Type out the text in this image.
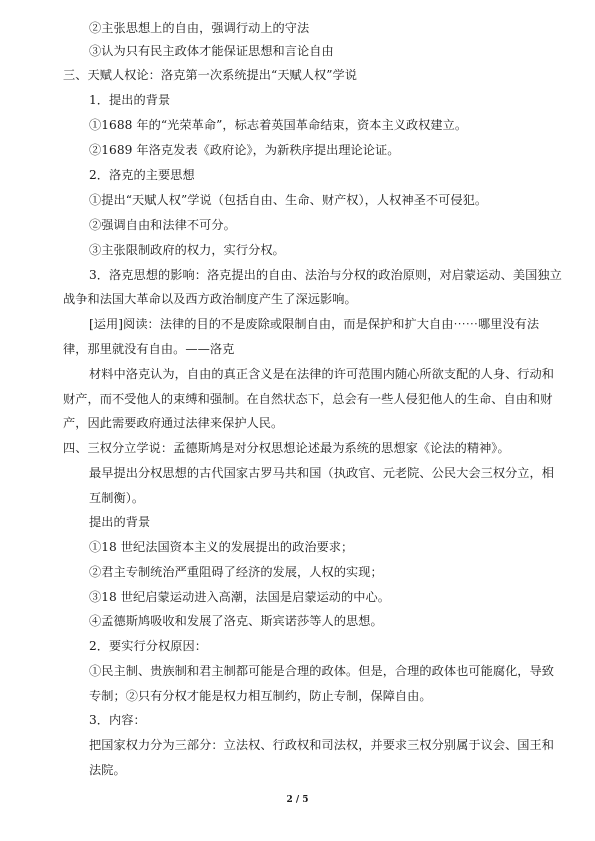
②主张思想上的自由，强调行动上的守法
③认为只有民主政体才能保证思想和言论自由
三、天赋人权论：洛克第一次系统提出“天赋人权”学说
1．提出的背景
①1688 年的“光荣革命”，标志着英国革命结束，资本主义政权建立。
②1689 年洛克发表《政府论》，为新秩序提出理论论证。
2．洛克的主要思想
①提出“天赋人权”学说（包括自由、生命、财产权），人权神圣不可侵犯。
②强调自由和法律不可分。
③主张限制政府的权力，实行分权。
3．洛克思想的影响：洛克提出的自由、法治与分权的政治原则，对启蒙运动、美国独立
战争和法国大革命以及西方政治制度产生了深远影响。
[运用]阅读：法律的目的不是废除或限制自由，而是保护和扩大自由⋯⋯哪里没有法
律，那里就没有自由。——洛克
材料中洛克认为，自由的真正含义是在法律的许可范围内随心所欲支配的人身、行动和
财产，而不受他人的束缚和强制。在自然状态下，总会有一些人侵犯他人的生命、自由和财
产，因此需要政府通过法律来保护人民。
四、三权分立学说：孟德斯鸠是对分权思想论述最为系统的思想家《论法的精神》。
最早提出分权思想的古代国家古罗马共和国（执政官、元老院、公民大会三权分立，相
互制衡）。
提出的背景
①18 世纪法国资本主义的发展提出的政治要求；
②君主专制统治严重阻碍了经济的发展，人权的实现；
③18 世纪启蒙运动进入高潮，法国是启蒙运动的中心。
④孟德斯鸠吸收和发展了洛克、斯宾诺莎等人的思想。
2．要实行分权原因：
①民主制、贵族制和君主制都可能是合理的政体。但是，合理的政体也可能腐化，导致
专制；②只有分权才能是权力相互制约，防止专制，保障自由。
3．内容：
把国家权力分为三部分：立法权、行政权和司法权，并要求三权分别属于议会、国王和
法院。
2 / 5
